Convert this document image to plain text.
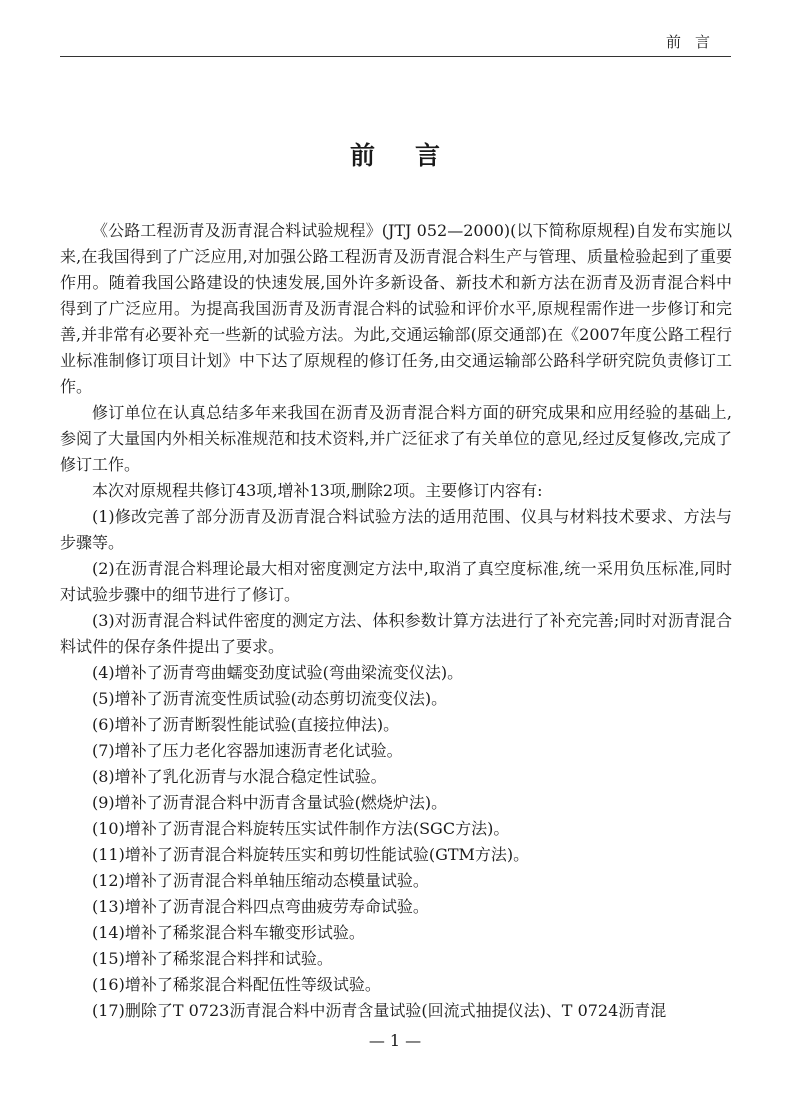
前言
前言

《公路工程沥青及沥青混合料试验规程》(JTJ 052—2000)(以下简称原规程)自发布实施以来,在我国得到了广泛应用,对加强公路工程沥青及沥青混合料生产与管理、质量检验起到了重要作用。随着我国公路建设的快速发展,国外许多新设备、新技术和新方法在沥青及沥青混合料中得到了广泛应用。为提高我国沥青及沥青混合料的试验和评价水平,原规程需作进一步修订和完善,并非常有必要补充一些新的试验方法。为此,交通运输部(原交通部)在《2007年度公路工程行业标准制修订项目计划》中下达了原规程的修订任务,由交通运输部公路科学研究院负责修订工作。

修订单位在认真总结多年来我国在沥青及沥青混合料方面的研究成果和应用经验的基础上,参阅了大量国内外相关标准规范和技术资料,并广泛征求了有关单位的意见,经过反复修改,完成了修订工作。

本次对原规程共修订43项,增补13项,删除2项。主要修订内容有:

(1)修改完善了部分沥青及沥青混合料试验方法的适用范围、仪具与材料技术要求、方法与步骤等。

(2)在沥青混合料理论最大相对密度测定方法中,取消了真空度标准,统一采用负压标准,同时对试验步骤中的细节进行了修订。

(3)对沥青混合料试件密度的测定方法、体积参数计算方法进行了补充完善;同时对沥青混合料试件的保存条件提出了要求。

(4)增补了沥青弯曲蠕变劲度试验(弯曲梁流变仪法)。

(5)增补了沥青流变性质试验(动态剪切流变仪法)。

(6)增补了沥青断裂性能试验(直接拉伸法)。

(7)增补了压力老化容器加速沥青老化试验。

(8)增补了乳化沥青与水混合稳定性试验。

(9)增补了沥青混合料中沥青含量试验(燃烧炉法)。

(10)增补了沥青混合料旋转压实试件制作方法(SGC方法)。

(11)增补了沥青混合料旋转压实和剪切性能试验(GTM方法)。

(12)增补了沥青混合料单轴压缩动态模量试验。

(13)增补了沥青混合料四点弯曲疲劳寿命试验。

(14)增补了稀浆混合料车辙变形试验。

(15)增补了稀浆混合料拌和试验。

(16)增补了稀浆混合料配伍性等级试验。

(17)删除了T 0723沥青混合料中沥青含量试验(回流式抽提仪法)、T 0724沥青混

— 1 —
